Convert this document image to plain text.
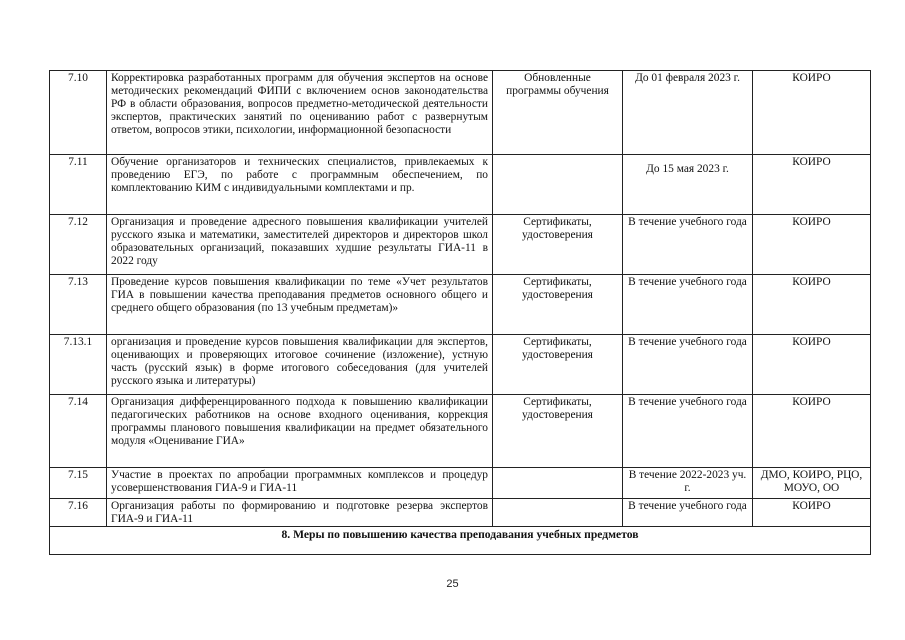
7.10	Корректировка разработанных программ для обучения экспертов на основе методических рекомендаций ФИПИ с включением основ законодательства РФ в области образования, вопросов предметно-методической деятельности экспертов, практических занятий по оцениванию работ с развернутым ответом, вопросов этики, психологии, информационной безопасности	Обновленные программы обучения	До 01 февраля 2023 г.	КОИРО
7.11	Обучение организаторов и технических специалистов, привлекаемых к проведению ЕГЭ, по работе с программным обеспечением, по комплектованию КИМ с индивидуальными комплектами и пр.		До 15 мая 2023 г.	КОИРО
7.12	Организация и проведение адресного повышения квалификации учителей русского языка и математики, заместителей директоров и директоров школ образовательных организаций, показавших худшие результаты ГИА-11 в 2022 году	Сертификаты, удостоверения	В течение учебного года	КОИРО
7.13	Проведение курсов повышения квалификации по теме «Учет результатов ГИА в повышении качества преподавания предметов основного общего и среднего общего образования (по 13 учебным предметам)»	Сертификаты, удостоверения	В течение учебного года	КОИРО
7.13.1	организация и проведение курсов повышения квалификации для экспертов, оценивающих и проверяющих итоговое сочинение (изложение), устную часть (русский язык) в форме итогового собеседования (для учителей русского языка и литературы)	Сертификаты, удостоверения	В течение учебного года	КОИРО
7.14	Организация дифференцированного подхода к повышению квалификации педагогических работников на основе входного оценивания, коррекция программы планового повышения квалификации на предмет обязательного модуля «Оценивание ГИА»	Сертификаты, удостоверения	В течение учебного года	КОИРО
7.15	Участие в проектах по апробации программных комплексов и процедур усовершенствования ГИА-9 и ГИА-11		В течение 2022-2023 уч. г.	ДМО, КОИРО, РЦО, МОУО, ОО
7.16	Организация работы по формированию и подготовке резерва экспертов ГИА-9 и ГИА-11		В течение учебного года	КОИРО
8. Меры по повышению качества преподавания учебных предметов				
25
